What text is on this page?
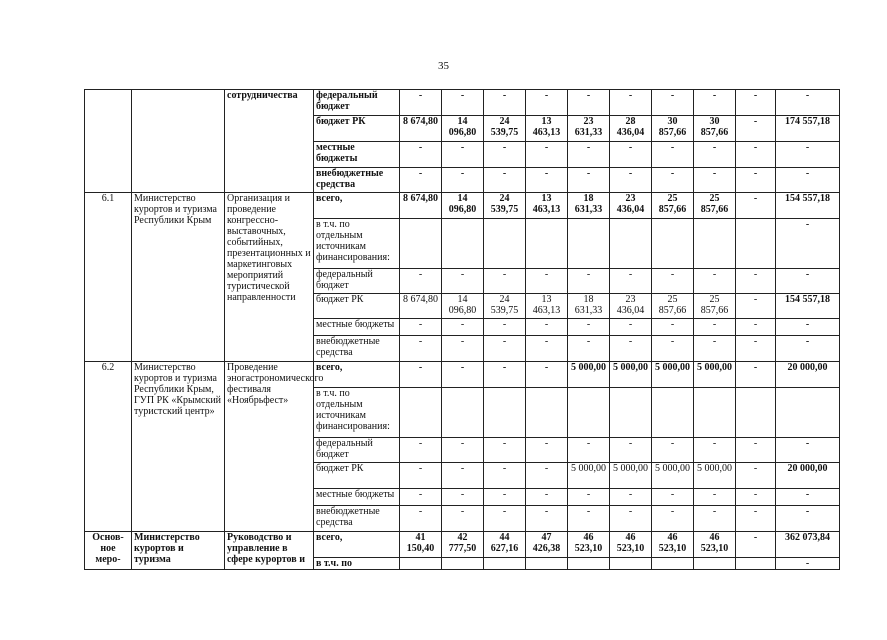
35
		сотрудничества	федеральный бюджет	-	-	-	-	-	-	-	-	-	-
			бюджет РК	8 674,80	14 096,80	24 539,75	13 463,13	23 631,33	28 436,04	30 857,66	30 857,66	-	174 557,18
			местные бюджеты	-	-	-	-	-	-	-	-	-	-
			внебюджетные средства	-	-	-	-	-	-	-	-	-	-
6.1	Министерство курортов и туризма Республики Крым	Организация и проведение конгрессно-выставочных, событийных, презентационных и маркетинговых мероприятий туристической направленности	всего,	8 674,80	14 096,80	24 539,75	13 463,13	18 631,33	23 436,04	25 857,66	25 857,66	-	154 557,18
			в т.ч. по отдельным источникам финансирования:										-
			федеральный бюджет	-	-	-	-	-	-	-	-	-	-
			бюджет РК	8 674,80	14 096,80	24 539,75	13 463,13	18 631,33	23 436,04	25 857,66	25 857,66	-	154 557,18
			местные бюджеты	-	-	-	-	-	-	-	-	-	-
			внебюджетные средства	-	-	-	-	-	-	-	-	-	-
6.2	Министерство курортов и туризма Республики Крым, ГУП РК «Крымский туристский центр»	Проведение эногастрономического фестиваля «Ноябрьфест»	всего,	-	-	-	-	5 000,00	5 000,00	5 000,00	5 000,00	-	20 000,00
			в т.ч. по отдельным источникам финансирования:										
			федеральный бюджет	-	-	-	-	-	-	-	-	-	-
			бюджет РК	-	-	-	-	5 000,00	5 000,00	5 000,00	5 000,00	-	20 000,00
			местные бюджеты	-	-	-	-	-	-	-	-	-	-
			внебюджетные средства	-	-	-	-	-	-	-	-	-	-
Основ-ное меро-	Министерство курортов и туризма	Руководство и управление в сфере курортов и	всего,	41 150,40	42 777,50	44 627,16	47 426,38	46 523,10	46 523,10	46 523,10	46 523,10	-	362 073,84
			в т.ч. по										-
